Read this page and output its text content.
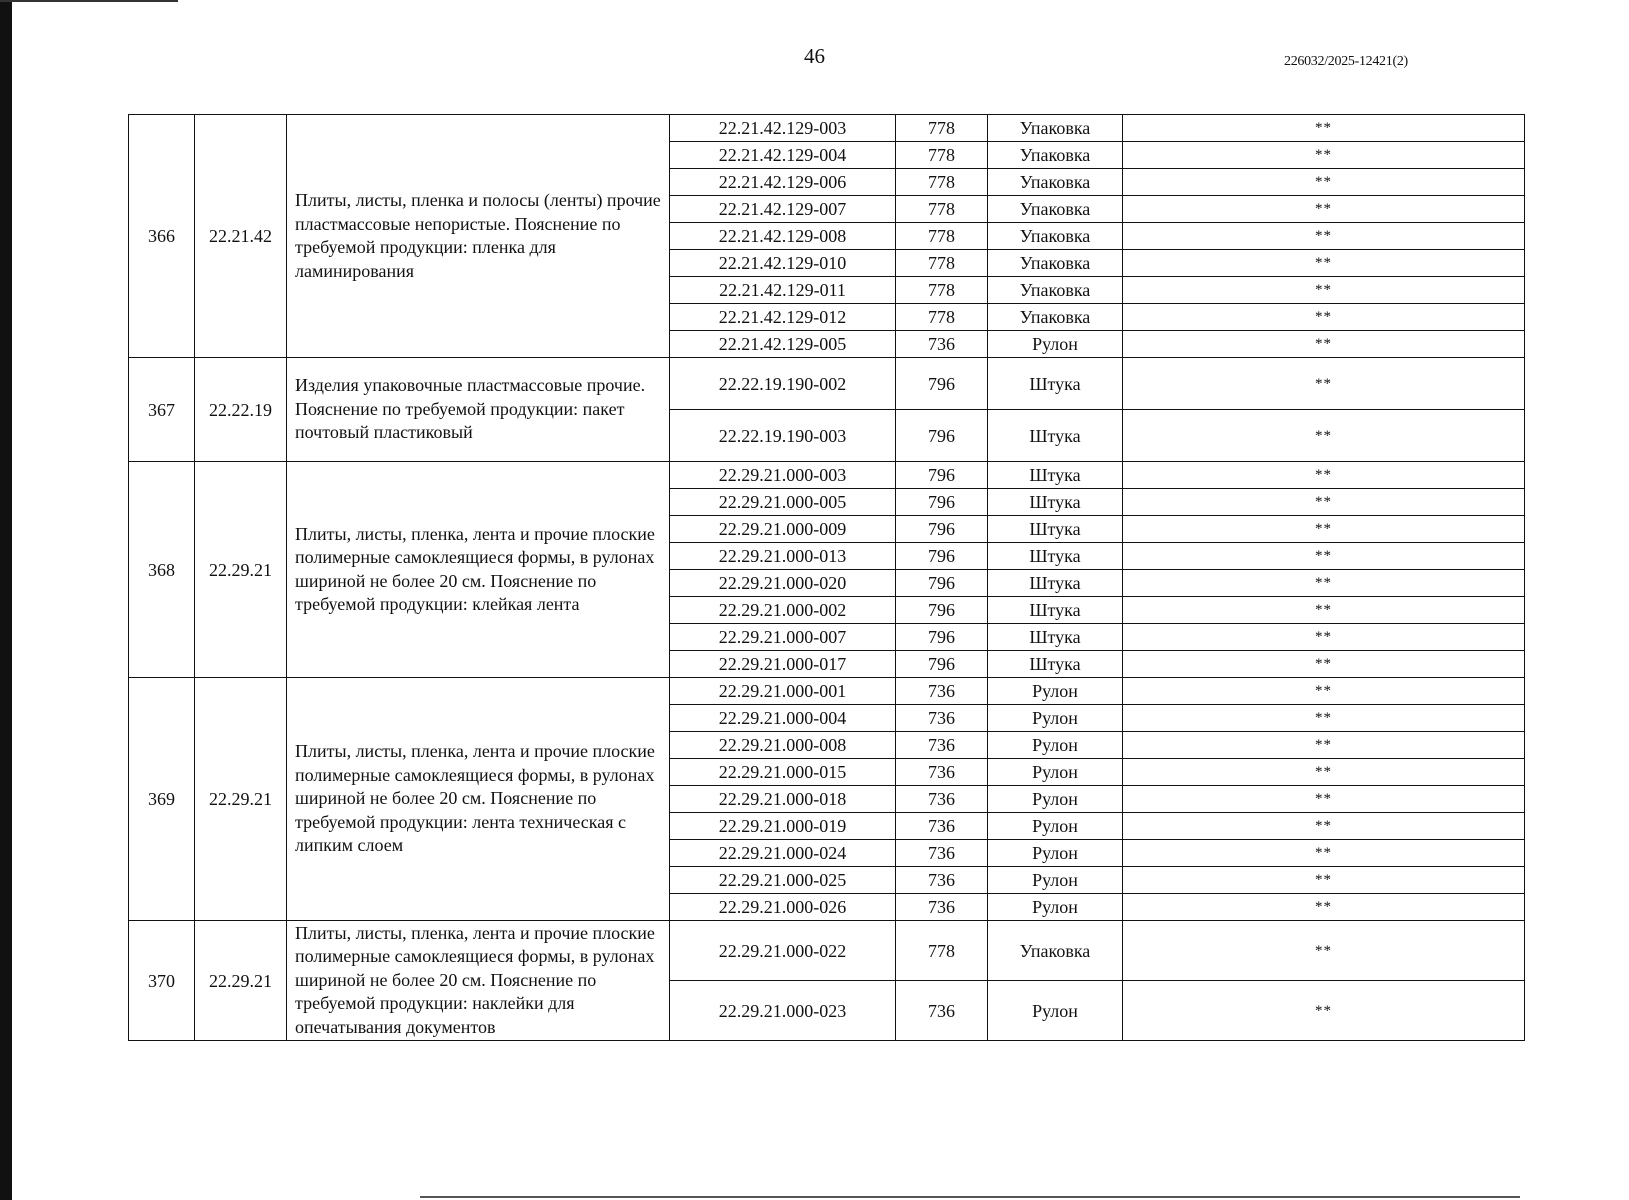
46	226032/2025-12421(2)
366	22.21.42	Плиты, листы, пленка и полосы (ленты) прочие пластмассовые непористые. Пояснение по требуемой продукции: пленка для ламинирования	22.21.42.129-003	778	Упаковка	**
			22.21.42.129-004	778	Упаковка	**
			22.21.42.129-006	778	Упаковка	**
			22.21.42.129-007	778	Упаковка	**
			22.21.42.129-008	778	Упаковка	**
			22.21.42.129-010	778	Упаковка	**
			22.21.42.129-011	778	Упаковка	**
			22.21.42.129-012	778	Упаковка	**
			22.21.42.129-005	736	Рулон	**
367	22.22.19	Изделия упаковочные пластмассовые прочие. Пояснение по требуемой продукции: пакет почтовый пластиковый	22.22.19.190-002	796	Штука	**
			22.22.19.190-003	796	Штука	**
368	22.29.21	Плиты, листы, пленка, лента и прочие плоские полимерные самоклеящиеся формы, в рулонах шириной не более 20 см. Пояснение по требуемой продукции: клейкая лента	22.29.21.000-003	796	Штука	**
			22.29.21.000-005	796	Штука	**
			22.29.21.000-009	796	Штука	**
			22.29.21.000-013	796	Штука	**
			22.29.21.000-020	796	Штука	**
			22.29.21.000-002	796	Штука	**
			22.29.21.000-007	796	Штука	**
			22.29.21.000-017	796	Штука	**
369	22.29.21	Плиты, листы, пленка, лента и прочие плоские полимерные самоклеящиеся формы, в рулонах шириной не более 20 см. Пояснение по требуемой продукции: лента техническая с липким слоем	22.29.21.000-001	736	Рулон	**
			22.29.21.000-004	736	Рулон	**
			22.29.21.000-008	736	Рулон	**
			22.29.21.000-015	736	Рулон	**
			22.29.21.000-018	736	Рулон	**
			22.29.21.000-019	736	Рулон	**
			22.29.21.000-024	736	Рулон	**
			22.29.21.000-025	736	Рулон	**
			22.29.21.000-026	736	Рулон	**
370	22.29.21	Плиты, листы, пленка, лента и прочие плоские полимерные самоклеящиеся формы, в рулонах шириной не более 20 см. Пояснение по требуемой продукции: наклейки для опечатывания документов	22.29.21.000-022	778	Упаковка	**
			22.29.21.000-023	736	Рулон	**
